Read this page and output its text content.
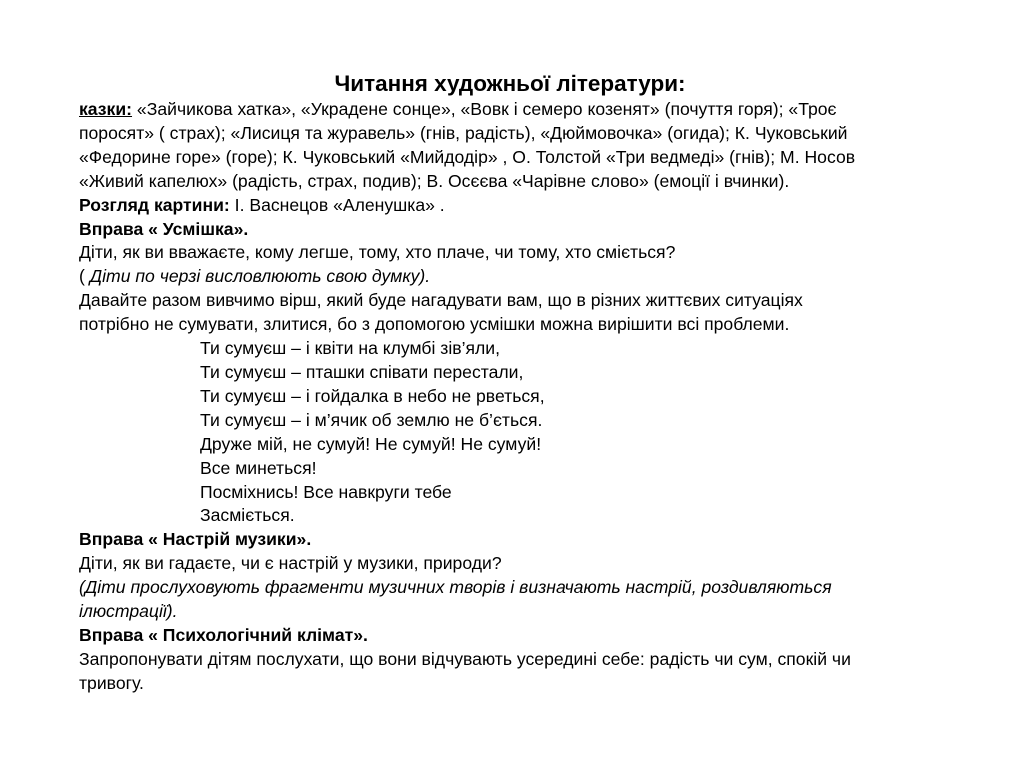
Читання художньої літератури:
казки: «Зайчикова хатка», «Украдене сонце», «Вовк і семеро козенят» (почуття горя); «Троє
поросят» ( страх); «Лисиця та журавель» (гнів, радість), «Дюймовочка» (огида); К. Чуковський
«Федорине горе» (горе); К. Чуковський «Мийдодір» , О. Толстой «Три ведмеді» (гнів); М. Носов
«Живий капелюх» (радість, страх, подив); В. Осєєва «Чарівне слово» (емоції і вчинки).
Розгляд картини: І. Васнецов «Аленушка» .
Вправа « Усмішка».
Діти, як ви вважаєте, кому легше, тому, хто плаче, чи тому, хто сміється?
( Діти по черзі висловлюють свою думку).
Давайте разом вивчимо вірш, який буде нагадувати вам, що в різних життєвих ситуаціях
потрібно не сумувати, злитися, бо з допомогою усмішки можна вирішити всі проблеми.
Ти сумуєш – і квіти на клумбі зів’яли,
Ти сумуєш – пташки співати перестали,
Ти сумуєш – і гойдалка в небо не рветься,
Ти сумуєш – і м’ячик об землю не б’ється.
Друже мій, не сумуй! Не сумуй! Не сумуй!
Все минеться!
Посміхнись! Все навкруги тебе
Засміється.
Вправа « Настрій музики».
Діти, як ви гадаєте, чи є настрій у музики, природи?
(Діти прослуховують фрагменти музичних творів і визначають настрій, роздивляються
ілюстрації).
Вправа « Психологічний клімат».
Запропонувати дітям послухати, що вони відчувають усередині себе: радість чи сум, спокій чи
тривогу.
